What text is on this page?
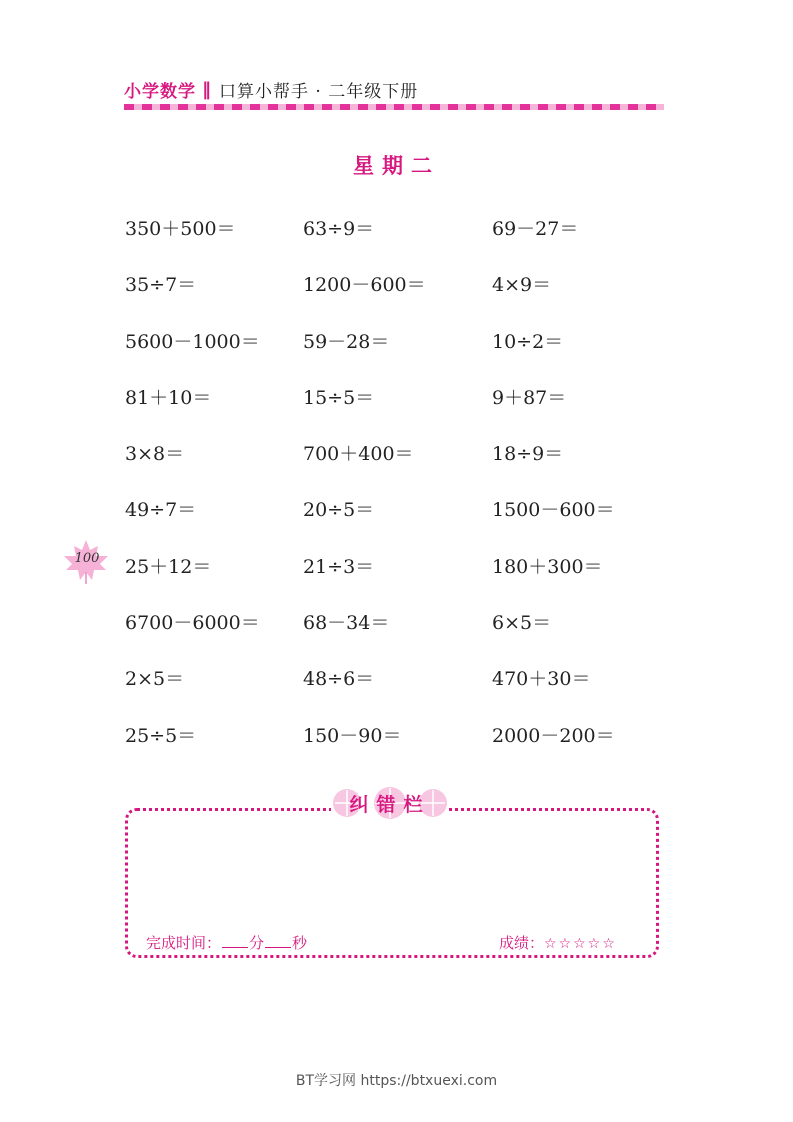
小学数学 ‖ 口算小帮手 · 二年级下册
星期二
350＋500＝	63÷9＝	69－27＝
35÷7＝	1200－600＝	4×9＝
5600－1000＝ 59－28＝	10÷2＝
81＋10＝	15÷5＝	9＋87＝
3×8＝	700＋400＝	18÷9＝
49÷7＝	20÷5＝	1500－600＝
25＋12＝	21÷3＝	180＋300＝
6700－6000＝ 68－34＝	6×5＝
2×5＝	48÷6＝	470＋30＝
25÷5＝	150－90＝	2000－200＝
100
纠错栏
完成时间： 分 秒	成绩：☆☆☆☆☆
BT学习网 https://btxuexi.com
